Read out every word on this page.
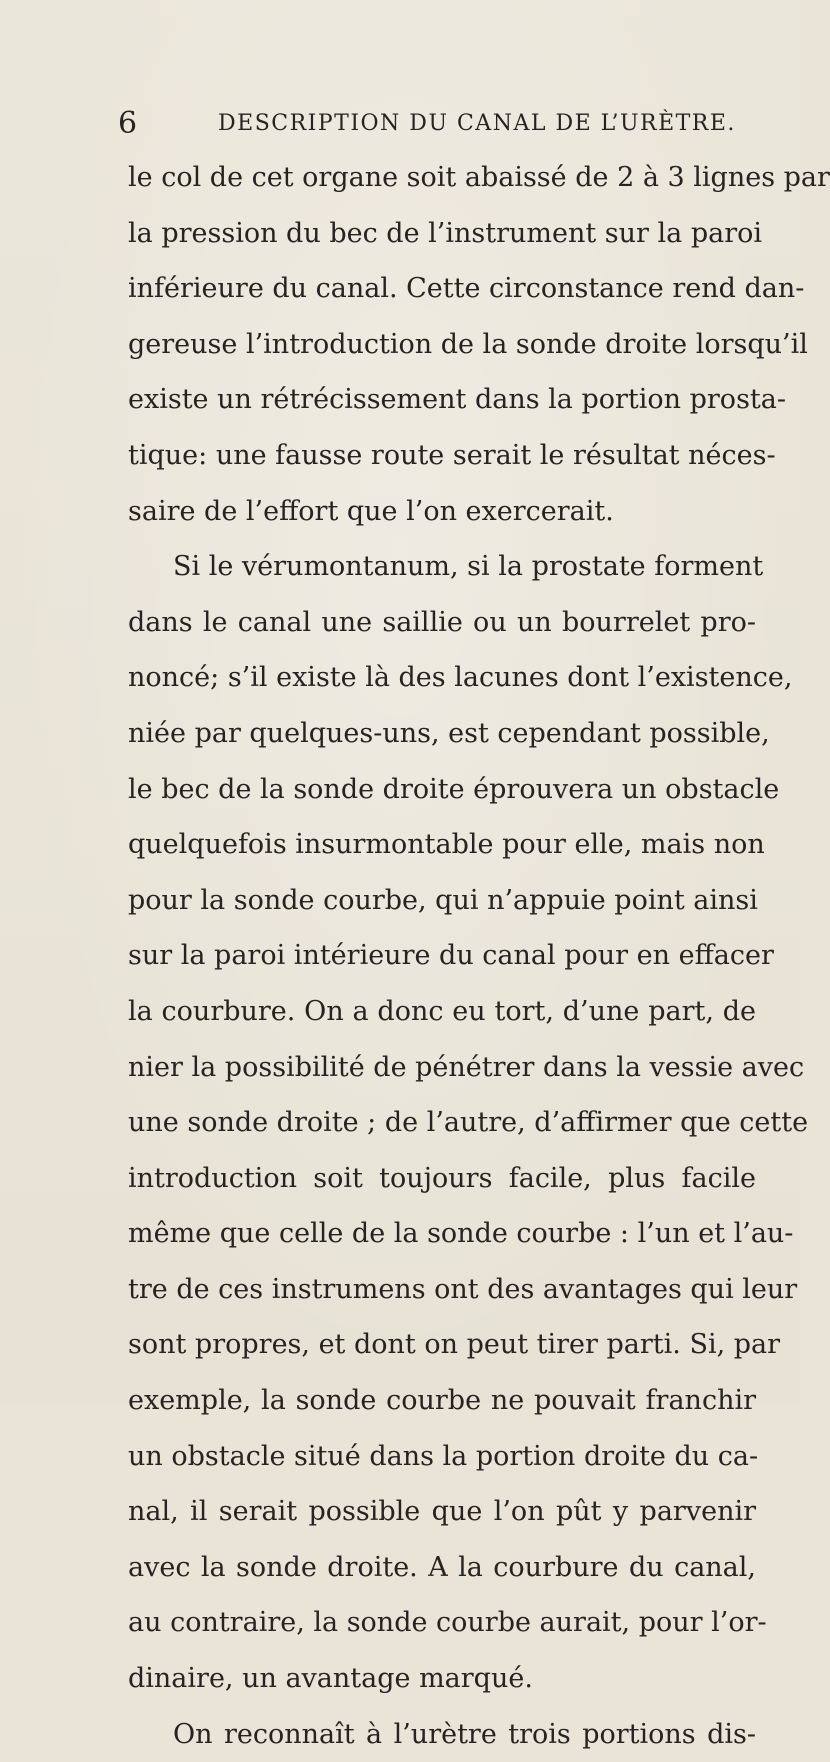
6	DESCRIPTION DU CANAL DE L’URÈTRE.
le col de cet organe soit abaissé de 2 à 3 lignes par
la pression du bec de l’instrument sur la paroi
inférieure du canal. Cette circonstance rend dan-
gereuse l’introduction de la sonde droite lorsqu’il
existe un rétrécissement dans la portion prosta-
tique: une fausse route serait le résultat néces-
saire de l’effort que l’on exercerait.
Si le vérumontanum, si la prostate forment
dans le canal une saillie ou un bourrelet pro-
noncé; s’il existe là des lacunes dont l’existence,
niée par quelques-uns, est cependant possible,
le bec de la sonde droite éprouvera un obstacle
quelquefois insurmontable pour elle, mais non
pour la sonde courbe, qui n’appuie point ainsi
sur la paroi intérieure du canal pour en effacer
la courbure. On a donc eu tort, d’une part, de
nier la possibilité de pénétrer dans la vessie avec
une sonde droite ; de l’autre, d’affirmer que cette
introduction soit toujours facile, plus facile
même que celle de la sonde courbe : l’un et l’au-
tre de ces instrumens ont des avantages qui leur
sont propres, et dont on peut tirer parti. Si, par
exemple, la sonde courbe ne pouvait franchir
un obstacle situé dans la portion droite du ca-
nal, il serait possible que l’on pût y parvenir
avec la sonde droite. A la courbure du canal,
au contraire, la sonde courbe aurait, pour l’or-
dinaire, un avantage marqué.
On reconnaît à l’urètre trois portions dis-
